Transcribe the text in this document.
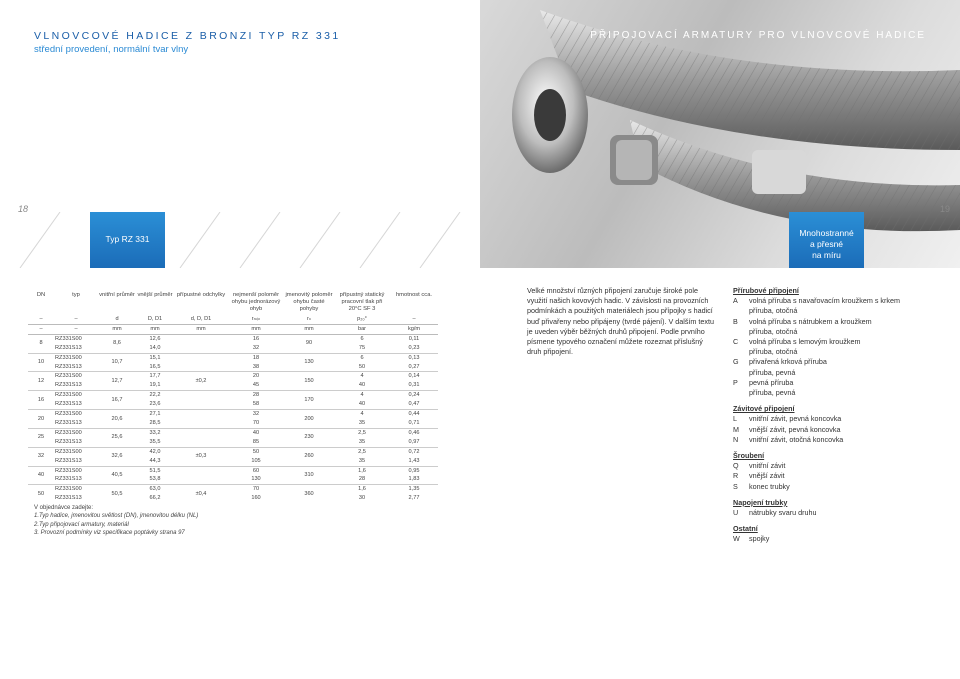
VLNOVCOVÉ HADICE Z BRONZI TYP RZ 331
střední provedení, normální tvar vlny
18
Typ RZ 331
PŘIPOJOVACÍ ARMATURY PRO VLNOVCOVÉ HADICE
19
Mnohostranné
a přesné
na míru
DN	typ	vnitřní průměr	vnější průměr	přípustné odchylky	nejmenší poloměr ohybu jednorázový ohyb	jmenovitý poloměr ohybu časté pohyby	přípustný statický pracovní tlak při 20°C SF 3	hmotnost cca.
–	–	d	D, D1	d, D, D1	rₘᵢₙ	rₙ	p₂₀°	–
–	–	mm	mm	mm	mm	mm	bar	kg/m
8	RZ331S00	8,6	12,6		16	90	6	0,11
	RZ331S13		14,0		32		75	0,23
10	RZ331S00	10,7	15,1		18	130	6	0,13
	RZ331S13		16,5		38		50	0,27
12	RZ331S00	12,7	17,7	±0,2	20	150	4	0,14
	RZ331S13		19,1		45		40	0,31
16	RZ331S00	16,7	22,2		28	170	4	0,24
	RZ331S13		23,6		58		40	0,47
20	RZ331S00	20,6	27,1		32	200	4	0,44
	RZ331S13		28,5		70		35	0,71
25	RZ331S00	25,6	33,2		40	230	2,5	0,46
	RZ331S13		35,5		85		35	0,97
32	RZ331S00	32,6	42,0	±0,3	50	260	2,5	0,72
	RZ331S13		44,3		105		35	1,43
40	RZ331S00	40,5	51,5		60	310	1,6	0,95
	RZ331S13		53,8		130		28	1,83
50	RZ331S00	50,5	63,0	±0,4	70	360	1,6	1,35
	RZ331S13		66,2		160		30	2,77
V objednávce zadejte:
1.Typ hadice, jmenovitou světlost (DN), jmenovitou délku (NL)
2.Typ připojovací armatury, materiál
3. Provozní podmínky viz specifikace poptávky strana 97
Velké množství různých připojení zaručuje široké pole využití našich kovových hadic. V závislosti na provozních podmínkách a použitých materiálech jsou přípojky s hadicí buď přivařeny nebo připájeny (tvrdé pájení). V dalším textu je uveden výběr běžných druhů připojení. Podle prvního písmene typového označení můžete rozeznat příslušný druh připojení.
Přírubové připojení
A	volná příruba s navařovacím kroužkem s krkem
příruba, otočná
B	volná příruba s nátrubkem a kroužkem
příruba, otočná
C	volná příruba s lemovým kroužkem
příruba, otočná
G	přivařená krková příruba
příruba, pevná
P	pevná příruba
příruba, pevná
Závitové připojení
L	vnitřní závit, pevná koncovka
M	vnější závit, pevná koncovka
N	vnitřní závit, otočná koncovka
Šroubení
Q	vnitřní závit
R	vnější závit
S	konec trubky
Napojení trubky
U	nátrubky svaru druhu
Ostatní
W	spojky
